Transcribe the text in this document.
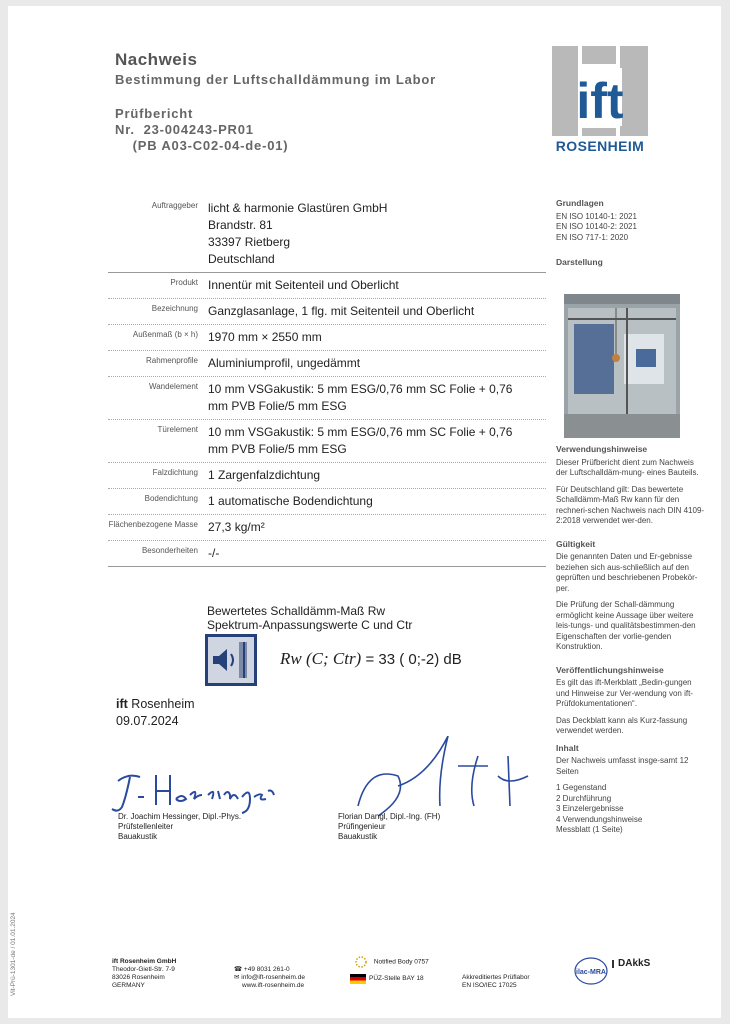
Nachweis
Bestimmung der Luftschalldämmung im Labor
Prüfbericht
Nr.  23-004243-PR01
(PB A03-C02-04-de-01)
ift
ROSENHEIM
Auftraggeber licht & harmonie Glastüren GmbH
Brandstr. 81
33397 Rietberg
Deutschland
Produkt Innentür mit Seitenteil und Oberlicht
Bezeichnung Ganzglasanlage, 1 flg. mit Seitenteil und Oberlicht
Außenmaß (b × h) 1970 mm × 2550 mm
Rahmenprofile Aluminiumprofil, ungedämmt
Wandelement 10 mm VSGakustik: 5 mm ESG/0,76 mm SC Folie + 0,76
mm PVB Folie/5 mm ESG
Türelement 10 mm VSGakustik: 5 mm ESG/0,76 mm SC Folie + 0,76
mm PVB Folie/5 mm ESG
Falzdichtung 1 Zargenfalzdichtung
Bodendichtung 1 automatische Bodendichtung
Flächenbezogene Masse 27,3 kg/m²
Besonderheiten -/-
Grundlagen
EN ISO 10140-1: 2021
EN ISO 10140-2: 2021
EN ISO 717-1: 2020
Darstellung
Verwendungshinweise
Dieser Prüfbericht dient zum Nachweis der Luftschalldäm-mung- eines Bauteils.
Für Deutschland gilt: Das bewertete Schalldämm-Maß Rw kann für den rechneri-schen Nachweis nach DIN 4109-2:2018 verwendet wer-den.
Gültigkeit
Die genannten Daten und Er-gebnisse beziehen sich aus-schließlich auf den geprüften und beschriebenen Probekör-per.
Die Prüfung der Schall-dämmung ermöglicht keine Aussage über weitere leis-tungs- und qualitätsbestimmen-den Eigenschaften der vorlie-genden Konstruktion.
Veröffentlichungshinweise
Es gilt das ift-Merkblatt „Bedin-gungen und Hinweise zur Ver-wendung von ift-Prüfdokumentationen“.
Das Deckblatt kann als Kurz-fassung verwendet werden.
Inhalt
Der Nachweis umfasst insge-samt 12 Seiten
1 Gegenstand
2 Durchführung
3 Einzelergebnisse
4 Verwendungshinweise
Messblatt (1 Seite)
Bewertetes Schalldämm-Maß Rw
Spektrum-Anpassungswerte C und Ctr
Rw (C; Ctr) = 33 ( 0;-2) dB
ift Rosenheim
09.07.2024
Dr. Joachim Hessinger, Dipl.-Phys.
Prüfstellenleiter
Bauakustik
Florian Dangl, Dipl.-Ing. (FH)
Prüfingenieur
Bauakustik
Vit-Prü-1301-de / 01.01.2024	ift Rosenheim GmbH
Theodor-Gietl-Str. 7-9
83026 Rosenheim
GERMANY
☎ +49 8031 261-0
✉ info@ift-rosenheim.de
www.ift-rosenheim.de
Notified Body 0757
PÜZ-Stelle BAY 18	Akkreditiertes Prüflabor
EN ISO/IEC 17025
ilac-MRA
DAkkS
